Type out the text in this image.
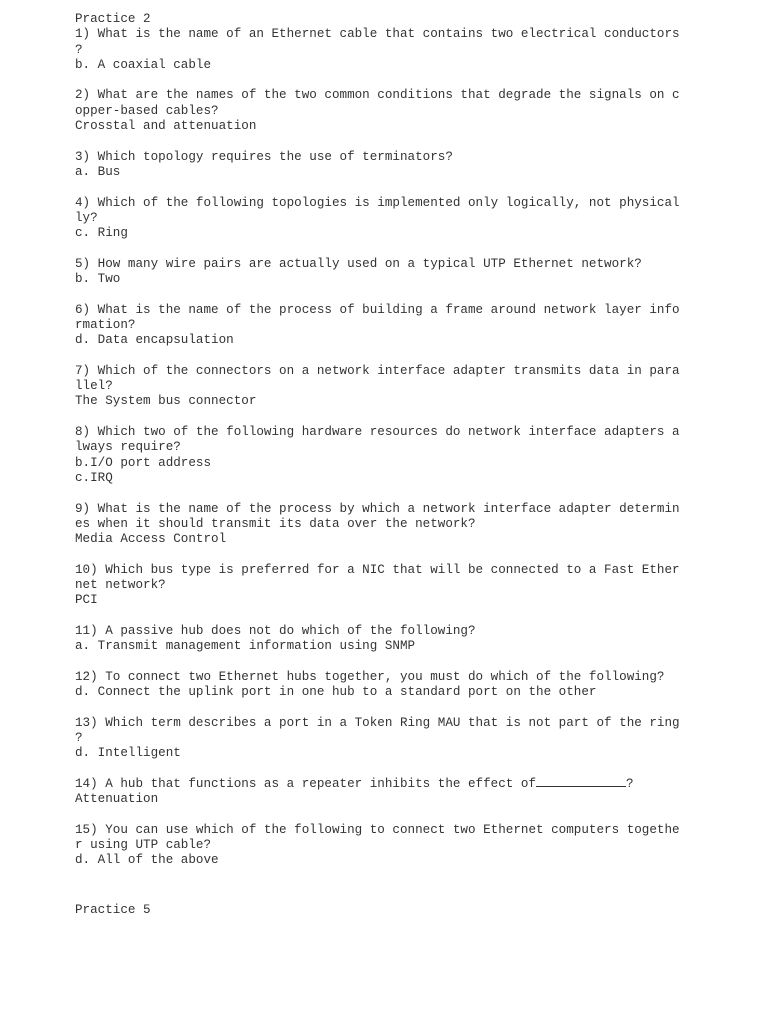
Practice 2
1) What is the name of an Ethernet cable that contains two electrical conductors
?
b. A coaxial cable
2) What are the names of the two common conditions that degrade the signals on c
opper-based cables?
Crosstal and attenuation
3) Which topology requires the use of terminators?
a. Bus
4) Which of the following topologies is implemented only logically, not physical
ly?
c. Ring
5) How many wire pairs are actually used on a typical UTP Ethernet network?
b. Two
6) What is the name of the process of building a frame around network layer info
rmation?
d. Data encapsulation
7) Which of the connectors on a network interface adapter transmits data in para
llel?
The System bus connector
8) Which two of the following hardware resources do network interface adapters a
lways require?
b.I/O port address
c.IRQ
9) What is the name of the process by which a network interface adapter determin
es when it should transmit its data over the network?
Media Access Control
10) Which bus type is preferred for a NIC that will be connected to a Fast Ether
net network?
PCI
11) A passive hub does not do which of the following?
a. Transmit management information using SNMP
12) To connect two Ethernet hubs together, you must do which of the following?
d. Connect the uplink port in one hub to a standard port on the other
13) Which term describes a port in a Token Ring MAU that is not part of the ring
?
d. Intelligent
14) A hub that functions as a repeater inhibits the effect of	?
Attenuation
15) You can use which of the following to connect two Ethernet computers togethe
r using UTP cable?
d. All of the above
Practice 5
